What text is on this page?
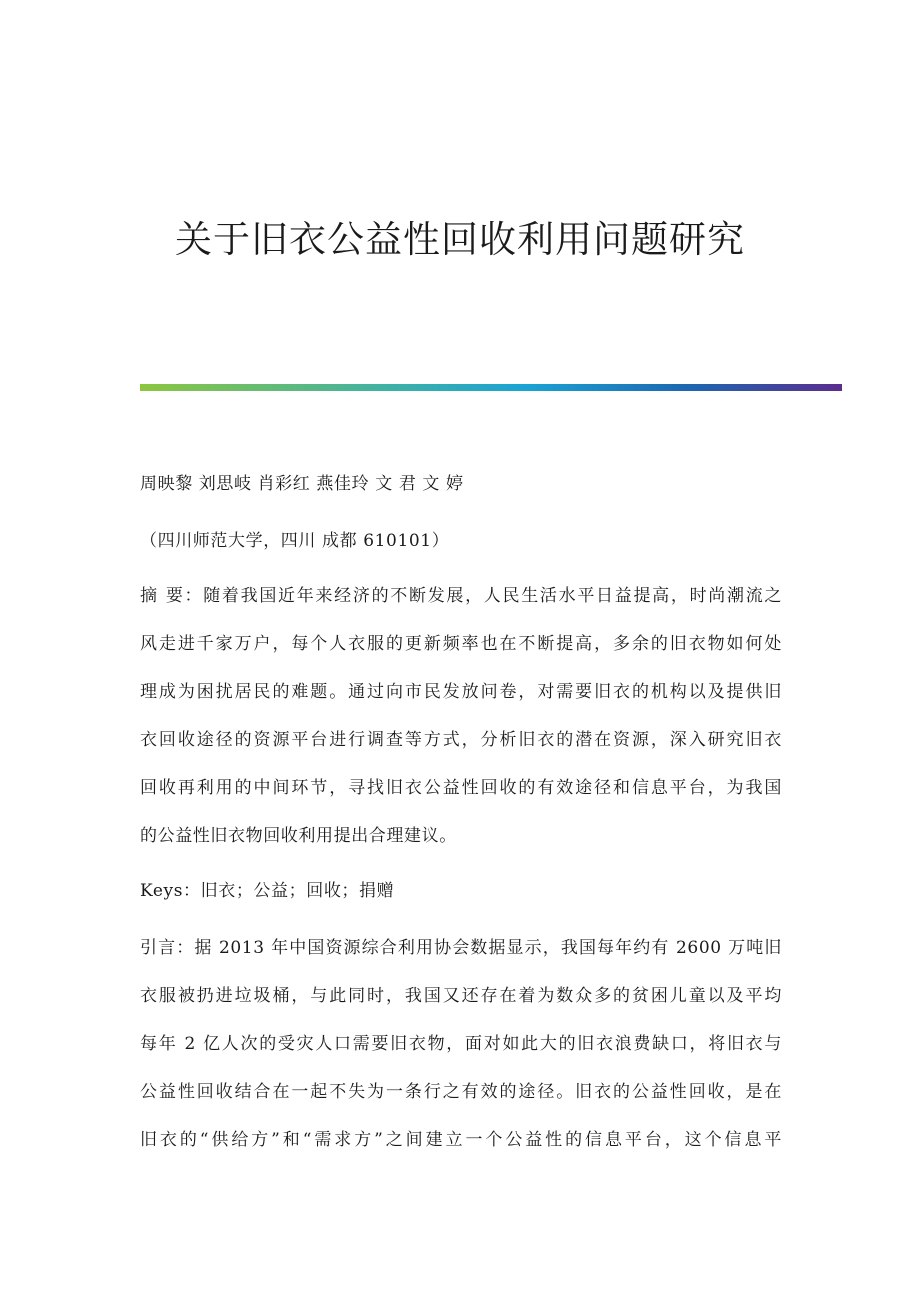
关于旧衣公益性回收利用问题研究
周映黎 刘思岐 肖彩红 燕佳玲 文 君 文 婷
（四川师范大学，四川 成都 610101）
摘 要：随着我国近年来经济的不断发展，人民生活水平日益提高，时尚潮流之
风走进千家万户，每个人衣服的更新频率也在不断提高，多余的旧衣物如何处
理成为困扰居民的难题。通过向市民发放问卷，对需要旧衣的机构以及提供旧
衣回收途径的资源平台进行调查等方式，分析旧衣的潜在资源，深入研究旧衣
回收再利用的中间环节，寻找旧衣公益性回收的有效途径和信息平台，为我国
的公益性旧衣物回收利用提出合理建议。
Keys：旧衣；公益；回收；捐赠
引言：据 2013 年中国资源综合利用协会数据显示，我国每年约有 2600 万吨旧
衣服被扔进垃圾桶，与此同时，我国又还存在着为数众多的贫困儿童以及平均
每年 2 亿人次的受灾人口需要旧衣物，面对如此大的旧衣浪费缺口，将旧衣与
公益性回收结合在一起不失为一条行之有效的途径。旧衣的公益性回收，是在
旧衣的“供给方”和“需求方”之间建立一个公益性的信息平台，这个信息平
